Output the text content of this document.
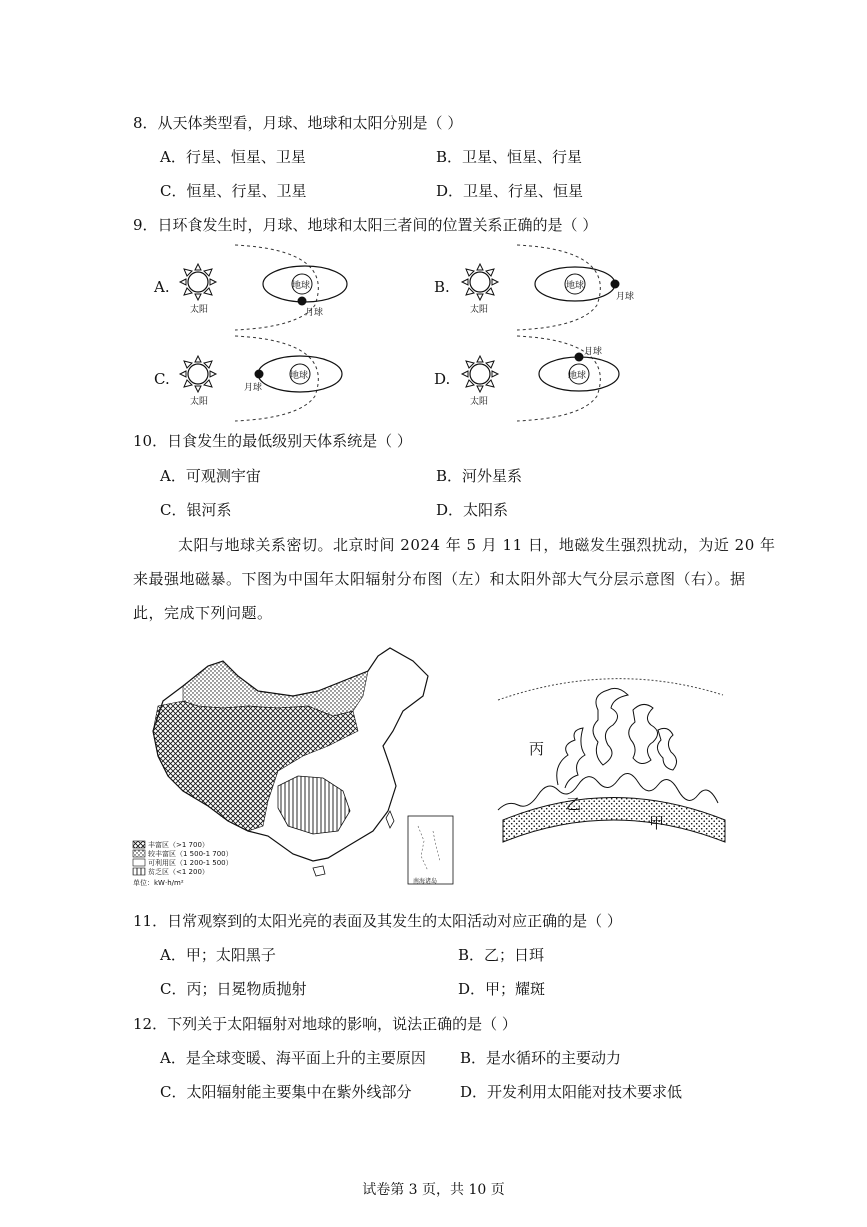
8．从天体类型看，月球、地球和太阳分别是（ ）
A．行星、恒星、卫星	B．卫星、恒星、行星
C．恒星、行星、卫星	D．卫星、行星、恒星
9．日环食发生时，月球、地球和太阳三者间的位置关系正确的是（ ）
A.
太阳
地球
月球
B.
太阳
地球
月球
C.
太阳
地球
月球	D.
太阳
地球
月球
10．日食发生的最低级别天体系统是（ ）
A．可观测宇宙	B．河外星系
C．银河系	D．太阳系
太阳与地球关系密切。北京时间 2024 年 5 月 11 日，地磁发生强烈扰动，为近 20 年
来最强地磁暴。下图为中国年太阳辐射分布图（左）和太阳外部大气分层示意图（右）。据
此，完成下列问题。
丰富区（>1 700）
较丰富区（1 500-1 700）
可利用区（1 200-1 500）
贫乏区（<1 200）
单位：kW·h/m²	南海诸岛
丙
乙
甲
11．日常观察到的太阳光亮的表面及其发生的太阳活动对应正确的是（ ）
A．甲；太阳黑子	B．乙；日珥
C．丙；日冕物质抛射	D．甲；耀斑
12．下列关于太阳辐射对地球的影响，说法正确的是（ ）
A．是全球变暖、海平面上升的主要原因 B．是水循环的主要动力
C．太阳辐射能主要集中在紫外线部分	D．开发利用太阳能对技术要求低
试卷第 3 页，共 10 页
